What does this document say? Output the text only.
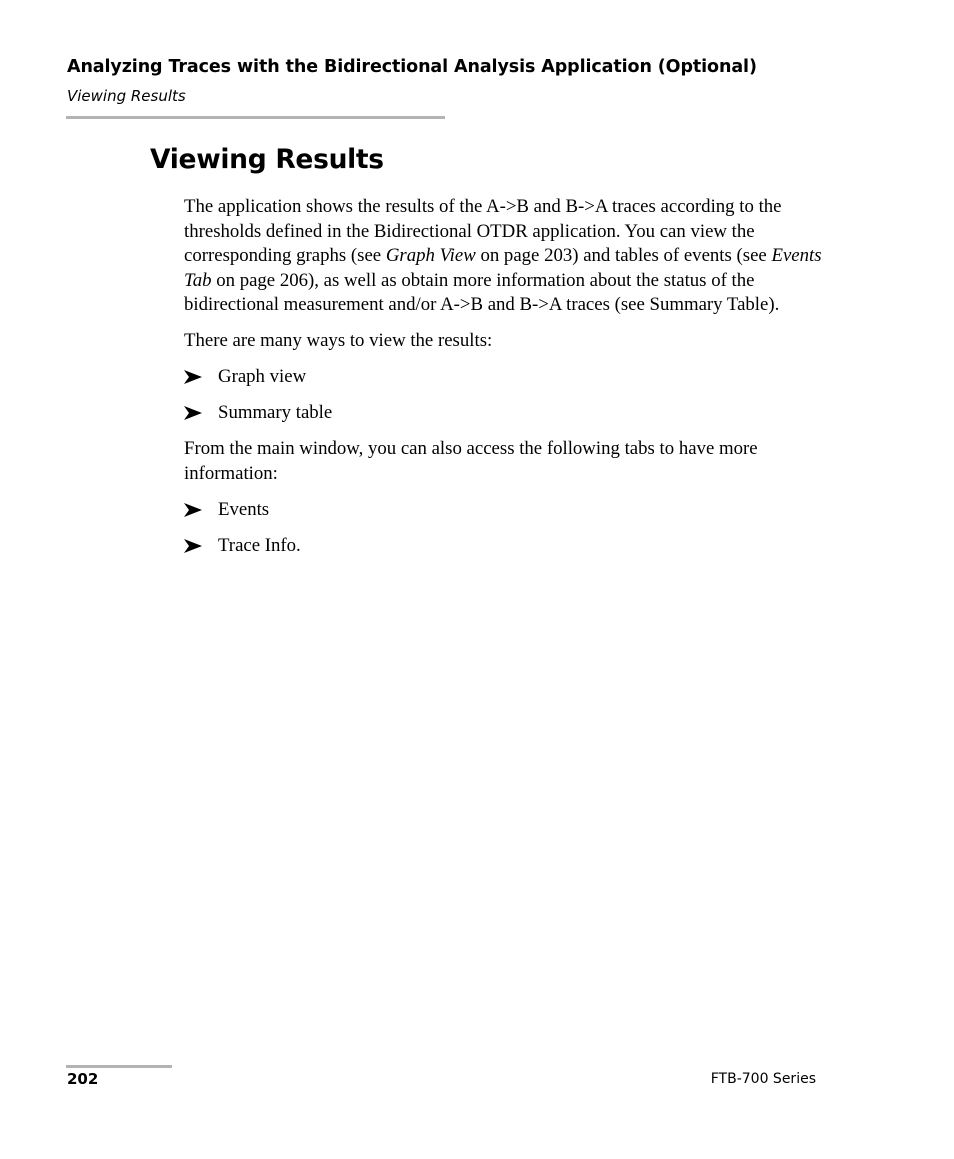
Analyzing Traces with the Bidirectional Analysis Application (Optional)
Viewing Results
Viewing Results

The application shows the results of the A->B and B->A traces according to the thresholds defined in the Bidirectional OTDR application. You can view the corresponding graphs (see Graph View on page 203) and tables of events (see Events Tab on page 206), as well as obtain more information about the status of the bidirectional measurement and/or A->B and B->A traces (see Summary Table).

There are many ways to view the results:

Graph view
Summary table

From the main window, you can also access the following tabs to have more information:

Events
Trace Info.
202	FTB-700 Series
